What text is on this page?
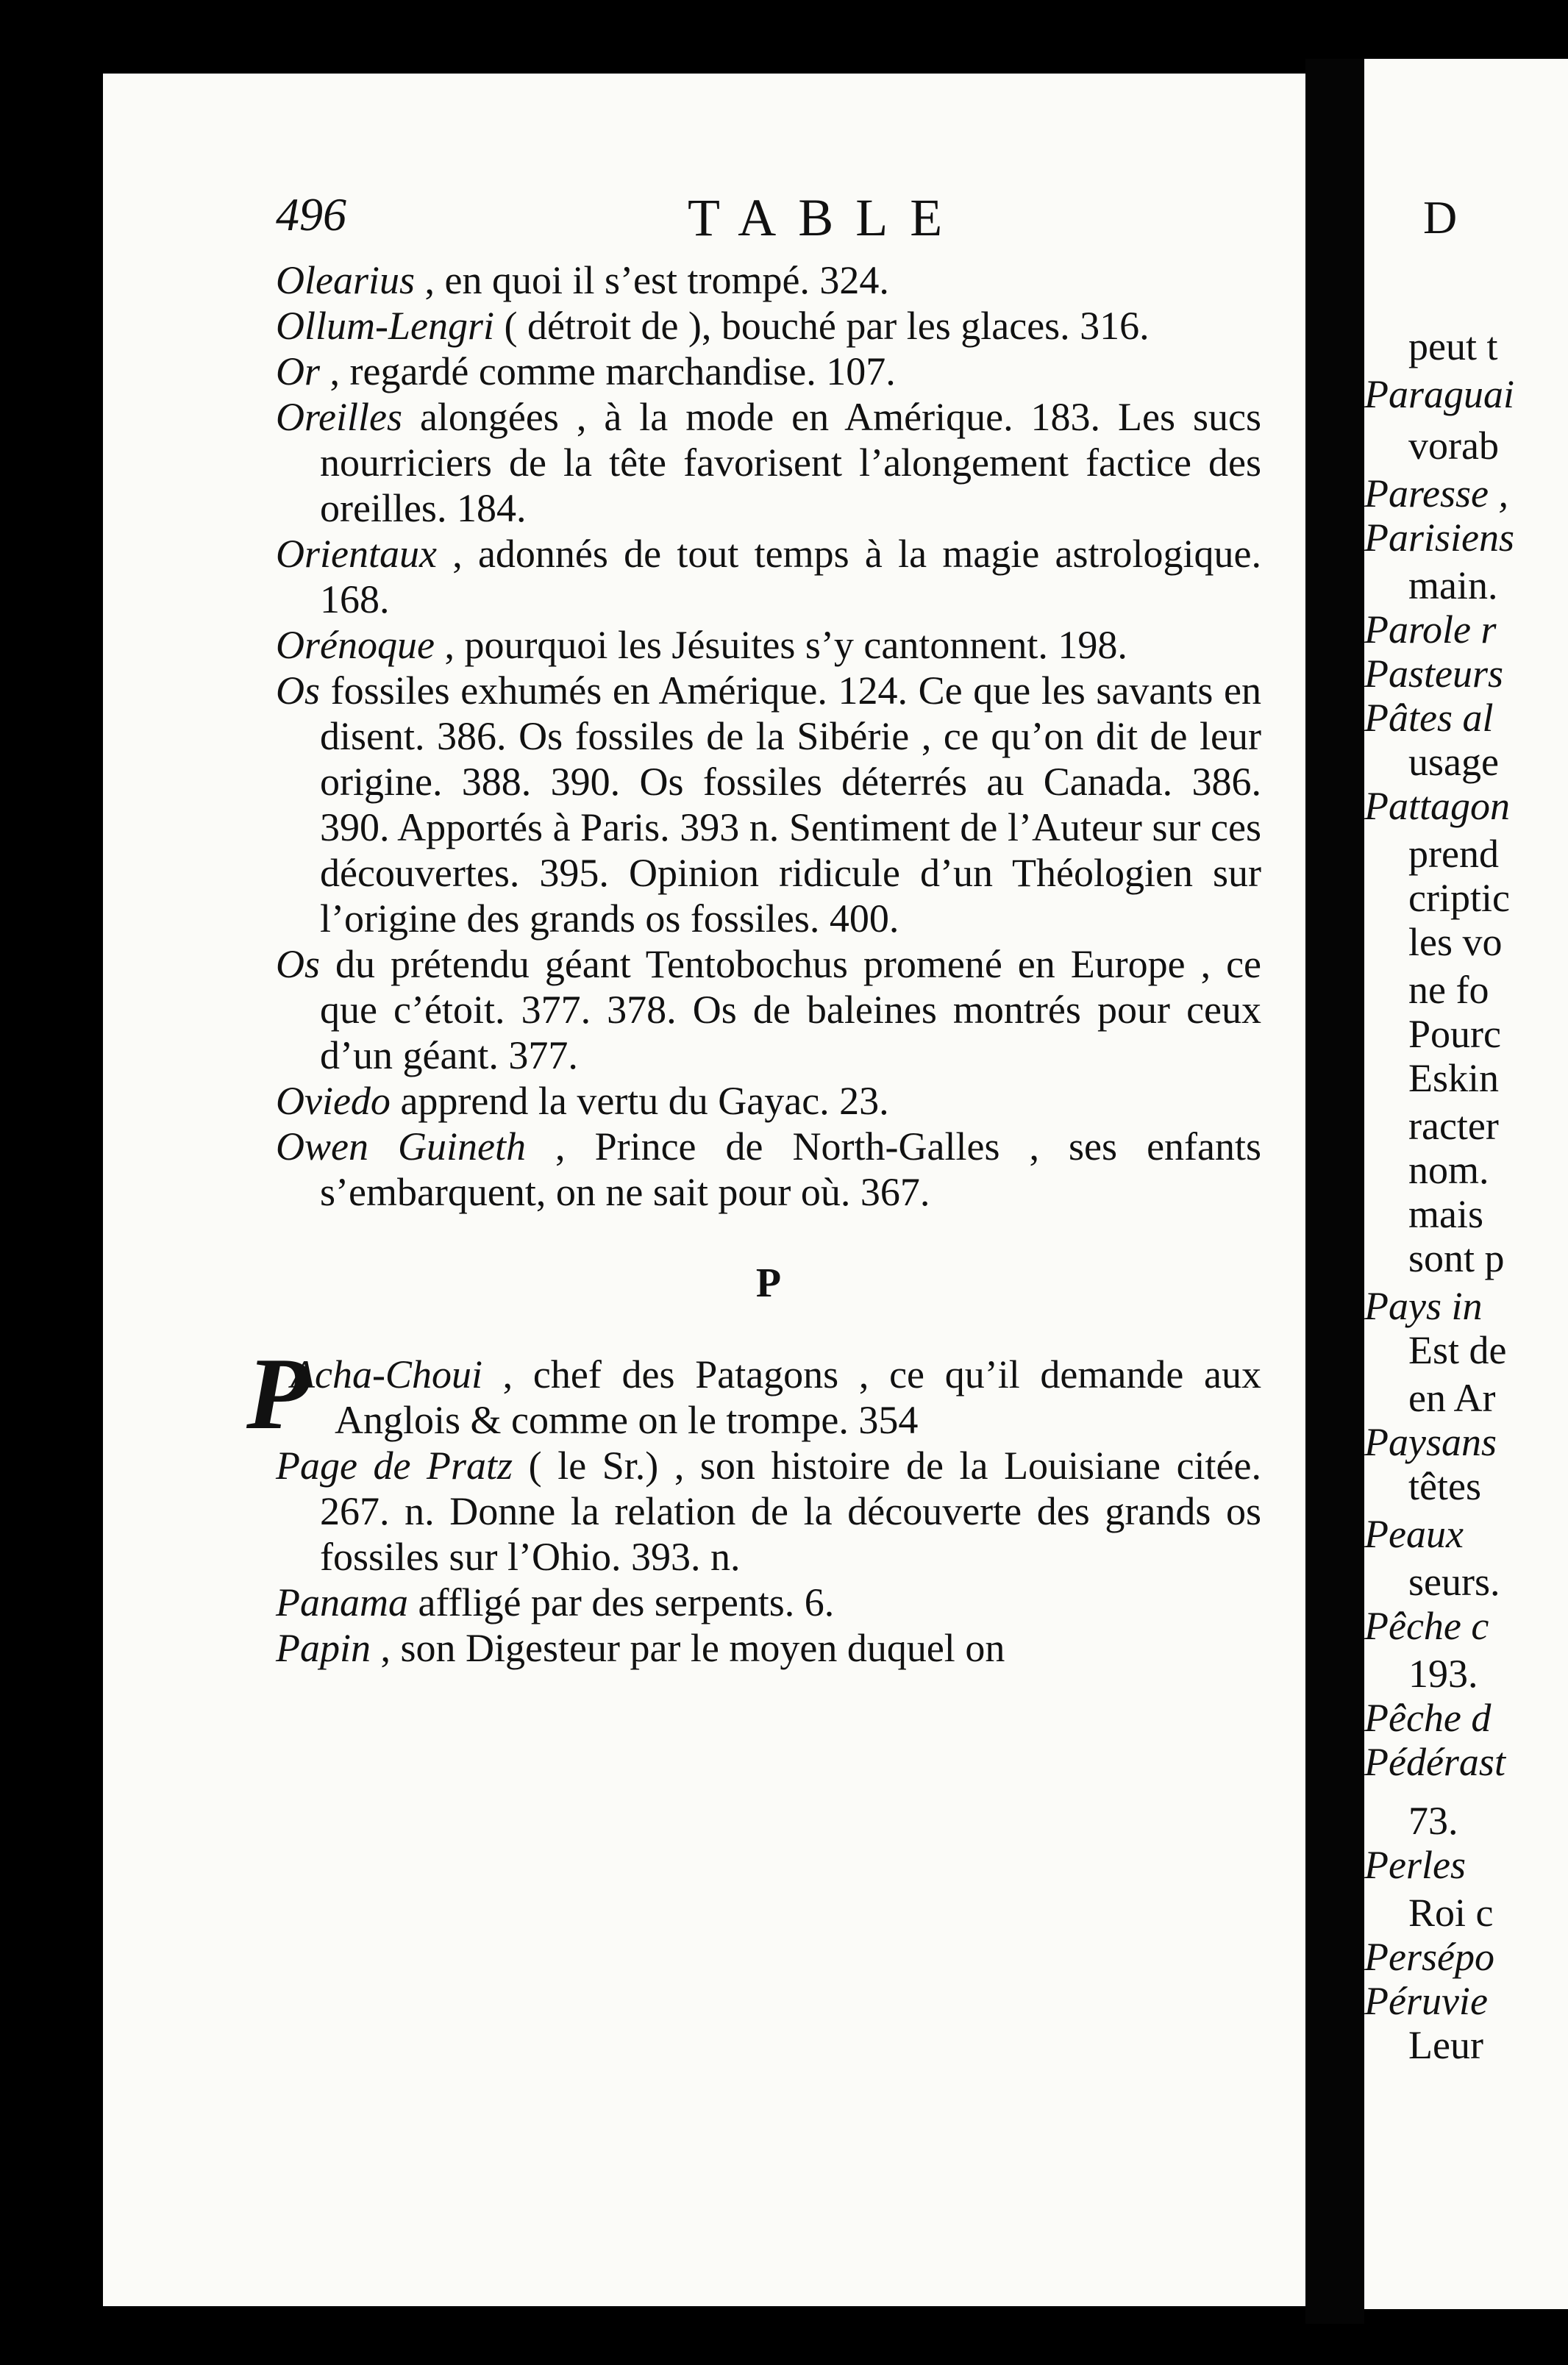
D
peut t
Paraguai
vorab
Paresse ,
Parisiens
main.
Parole r
Pasteurs
Pâtes al
usage
Pattagon
prend
criptic
les vo
ne fo
Pourc
Eskin
racter
nom.
mais
sont p
Pays in
Est de
en Ar
Paysans
têtes
Peaux
seurs.
Pêche c
193.
Pêche d
Pédérast
73.
Perles
Roi c
Persépo
Péruvie
Leur
496	TABLE

Olearius , en quoi il s’est trompé. 324.

Ollum-Lengri ( détroit de ), bouché par les glaces. 316.

Or , regardé comme marchandise. 107.

Oreilles alongées , à la mode en Amérique. 183. Les sucs nourriciers de la tête favorisent l’alongement factice des oreilles. 184.

Orientaux , adonnés de tout temps à la magie astrologique. 168.

Orénoque , pourquoi les Jésuites s’y cantonnent. 198.

Os fossiles exhumés en Amérique. 124. Ce que les savants en disent. 386. Os fossiles de la Sibérie , ce qu’on dit de leur origine. 388. 390. Os fossiles déterrés au Canada. 386. 390. Apportés à Paris. 393 n. Sentiment de l’Auteur sur ces découvertes. 395. Opinion ridicule d’un Théologien sur l’origine des grands os fossiles. 400.

Os du prétendu géant Tentobochus promené en Europe , ce que c’étoit. 377. 378. Os de baleines montrés pour ceux d’un géant. 377.

Oviedo apprend la vertu du Gayac. 23.

Owen Guineth , Prince de North-Galles , ses enfants s’embarquent, on ne sait pour où. 367.

P

P
Acha-Choui , chef des Patagons , ce qu’il demande aux Anglois & comme on le trompe. 354

Page de Pratz ( le Sr.) , son histoire de la Louisiane citée. 267. n. Donne la relation de la découverte des grands os fossiles sur l’Ohio. 393. n.

Panama affligé par des serpents. 6.

Papin , son Digesteur par le moyen duquel on
